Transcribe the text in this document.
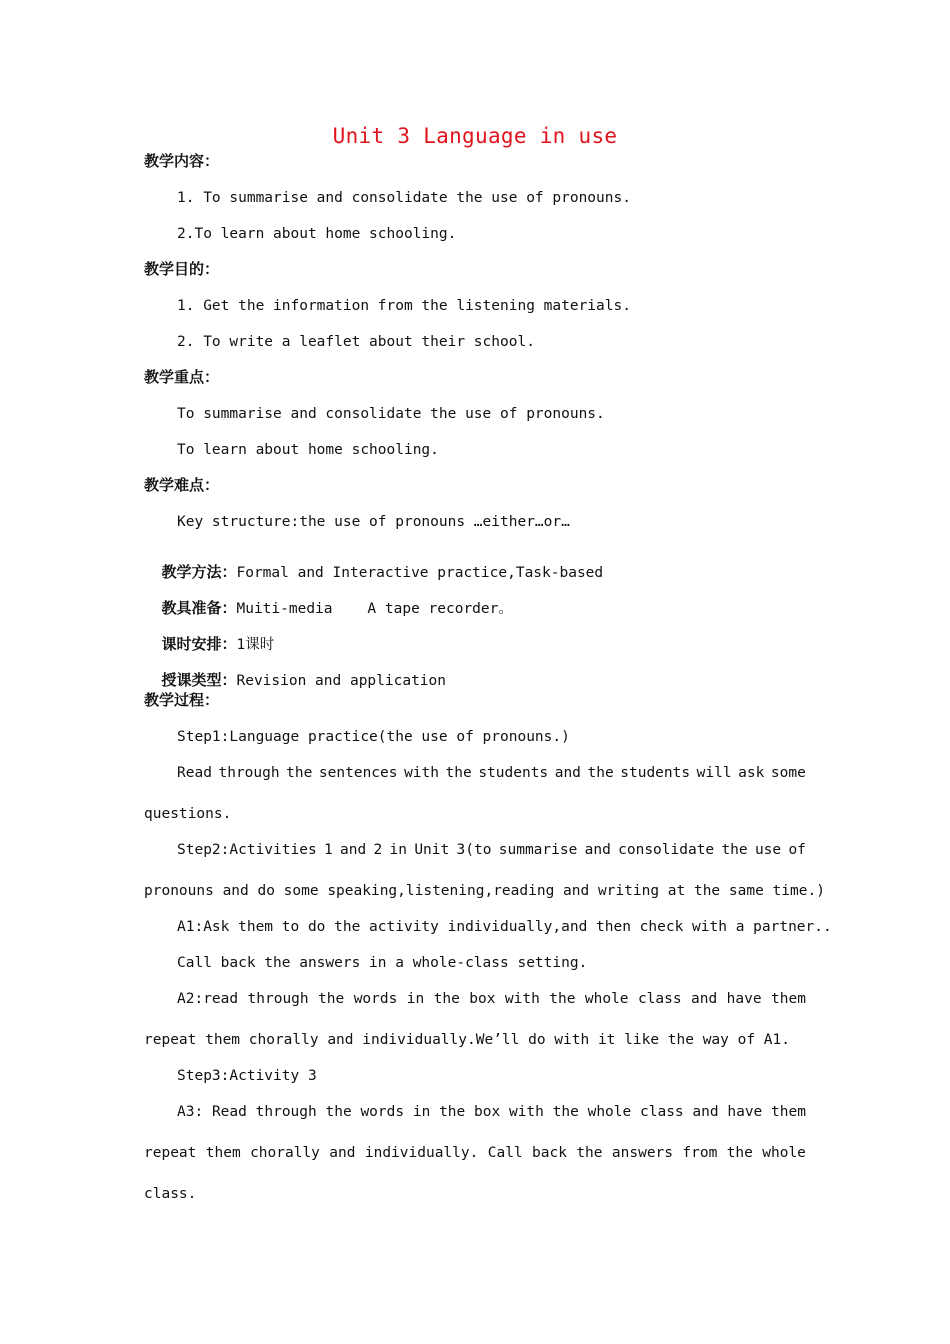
Unit 3 Language in use
教学内容：
1. To summarise and consolidate the use of pronouns.
2.To learn about home schooling.
教学目的：
1. Get the information from the listening materials.
2. To write a leaflet about their school.
教学重点：
To summarise and consolidate the use of pronouns.
To learn about home schooling.
教学难点：
Key structure:the use of pronouns …either…or…

教学方法：Formal and Interactive practice,Task-based

教具准备：Muiti-media    A tape recorder。

课时安排：1课时

授课类型：Revision and application

教学过程：
Step1:Language practice(the use of pronouns.)
Read through the sentences with the students and the students will ask some
questions.
Step2:Activities 1 and 2 in Unit 3(to summarise and consolidate the use of
pronouns and do some speaking,listening,reading and writing at the same time.)
A1:Ask them to do the activity individually,and then check with a partner..
Call back the answers in a whole-class setting.
A2:read through the words in the box with the whole class and have them
repeat them chorally and individually.We’ll do with it like the way of A1.
Step3:Activity 3
A3: Read through the words in the box with the whole class and have them
repeat them chorally and individually. Call back the answers from the whole
class.
